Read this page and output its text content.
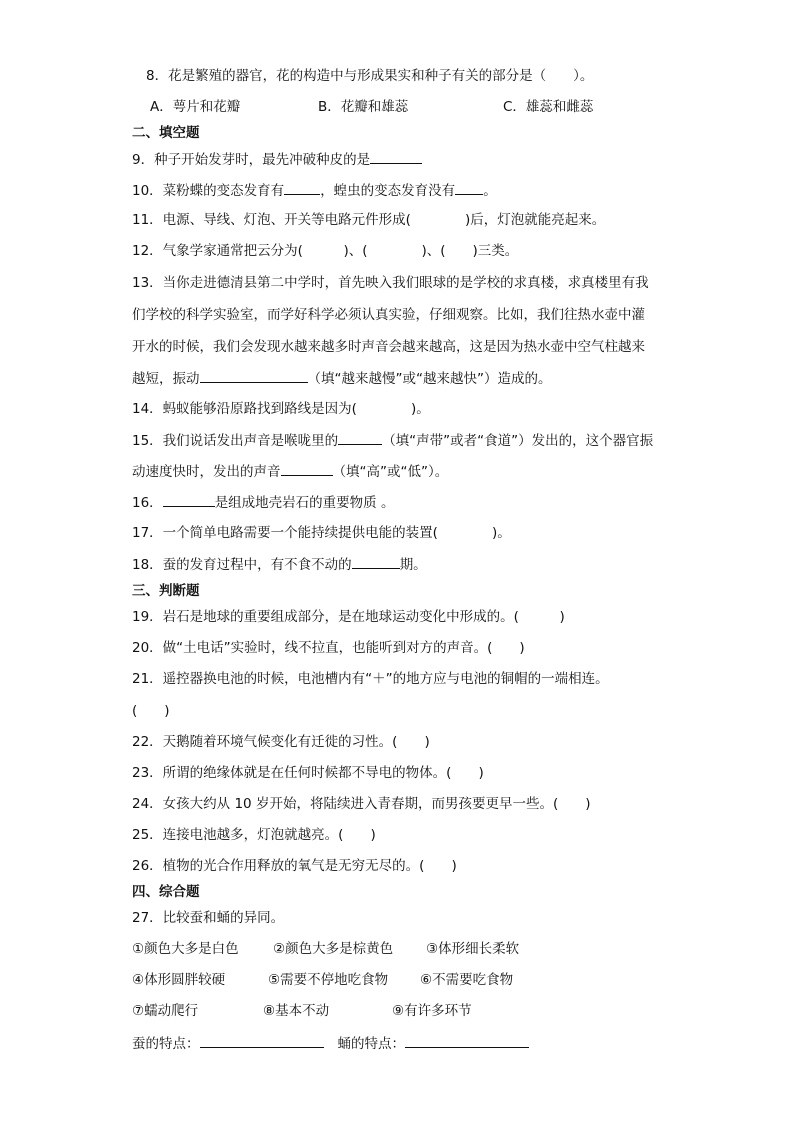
8．花是繁殖的器官，花的构造中与形成果实和种子有关的部分是（　　）。
A．萼片和花瓣	B．花瓣和雄蕊	C．雄蕊和雌蕊
二、填空题
9．种子开始发芽时，最先冲破种皮的是
10．菜粉蝶的变态发育有	，蝗虫的变态发育没有 。
11．电源、导线、灯泡、开关等电路元件形成(　　　　)后，灯泡就能亮起来。
12．气象学家通常把云分为(　　　)、(　　　　)、(　　)三类。
13．当你走进德清县第二中学时，首先映入我们眼球的是学校的求真楼，求真楼里有我
们学校的科学实验室，而学好科学必须认真实验，仔细观察。比如，我们往热水壶中灌
开水的时候，我们会发现水越来越多时声音会越来越高，这是因为热水壶中空气柱越来
越短，振动	（填“越来越慢”或“越来越快”）造成的。
14．蚂蚁能够沿原路找到路线是因为(　　　　)。
15．我们说话发出声音是喉咙里的	（填“声带”或者“食道”）发出的，这个器官振
动速度快时，发出的声音	（填“高”或“低”）。
16．	是组成地壳岩石的重要物质 。
17．一个简单电路需要一个能持续提供电能的装置(　　　　)。
18．蚕的发育过程中，有不食不动的	期。
三、判断题
19．岩石是地球的重要组成部分，是在地球运动变化中形成的。(　　　)
20．做“土电话”实验时，线不拉直，也能听到对方的声音。(　　)
21．遥控器换电池的时候，电池槽内有“＋”的地方应与电池的铜帽的一端相连。
(　　)
22．天鹅随着环境气候变化有迁徙的习性。(　　)
23．所谓的绝缘体就是在任何时候都不导电的物体。(　　)
24．女孩大约从 10 岁开始，将陆续进入青春期，而男孩要更早一些。(　　)
25．连接电池越多，灯泡就越亮。(　　)
26．植物的光合作用释放的氧气是无穷无尽的。(　　)
四、综合题
27．比较蚕和蛹的异同。
①颜色大多是白色	②颜色大多是棕黄色 ③体形细长柔软
④体形圆胖较硬	⑤需要不停地吃食物 ⑥不需要吃食物
⑦蠕动爬行	⑧基本不动	⑨有许多环节
蚕的特点：	蛹的特点：
